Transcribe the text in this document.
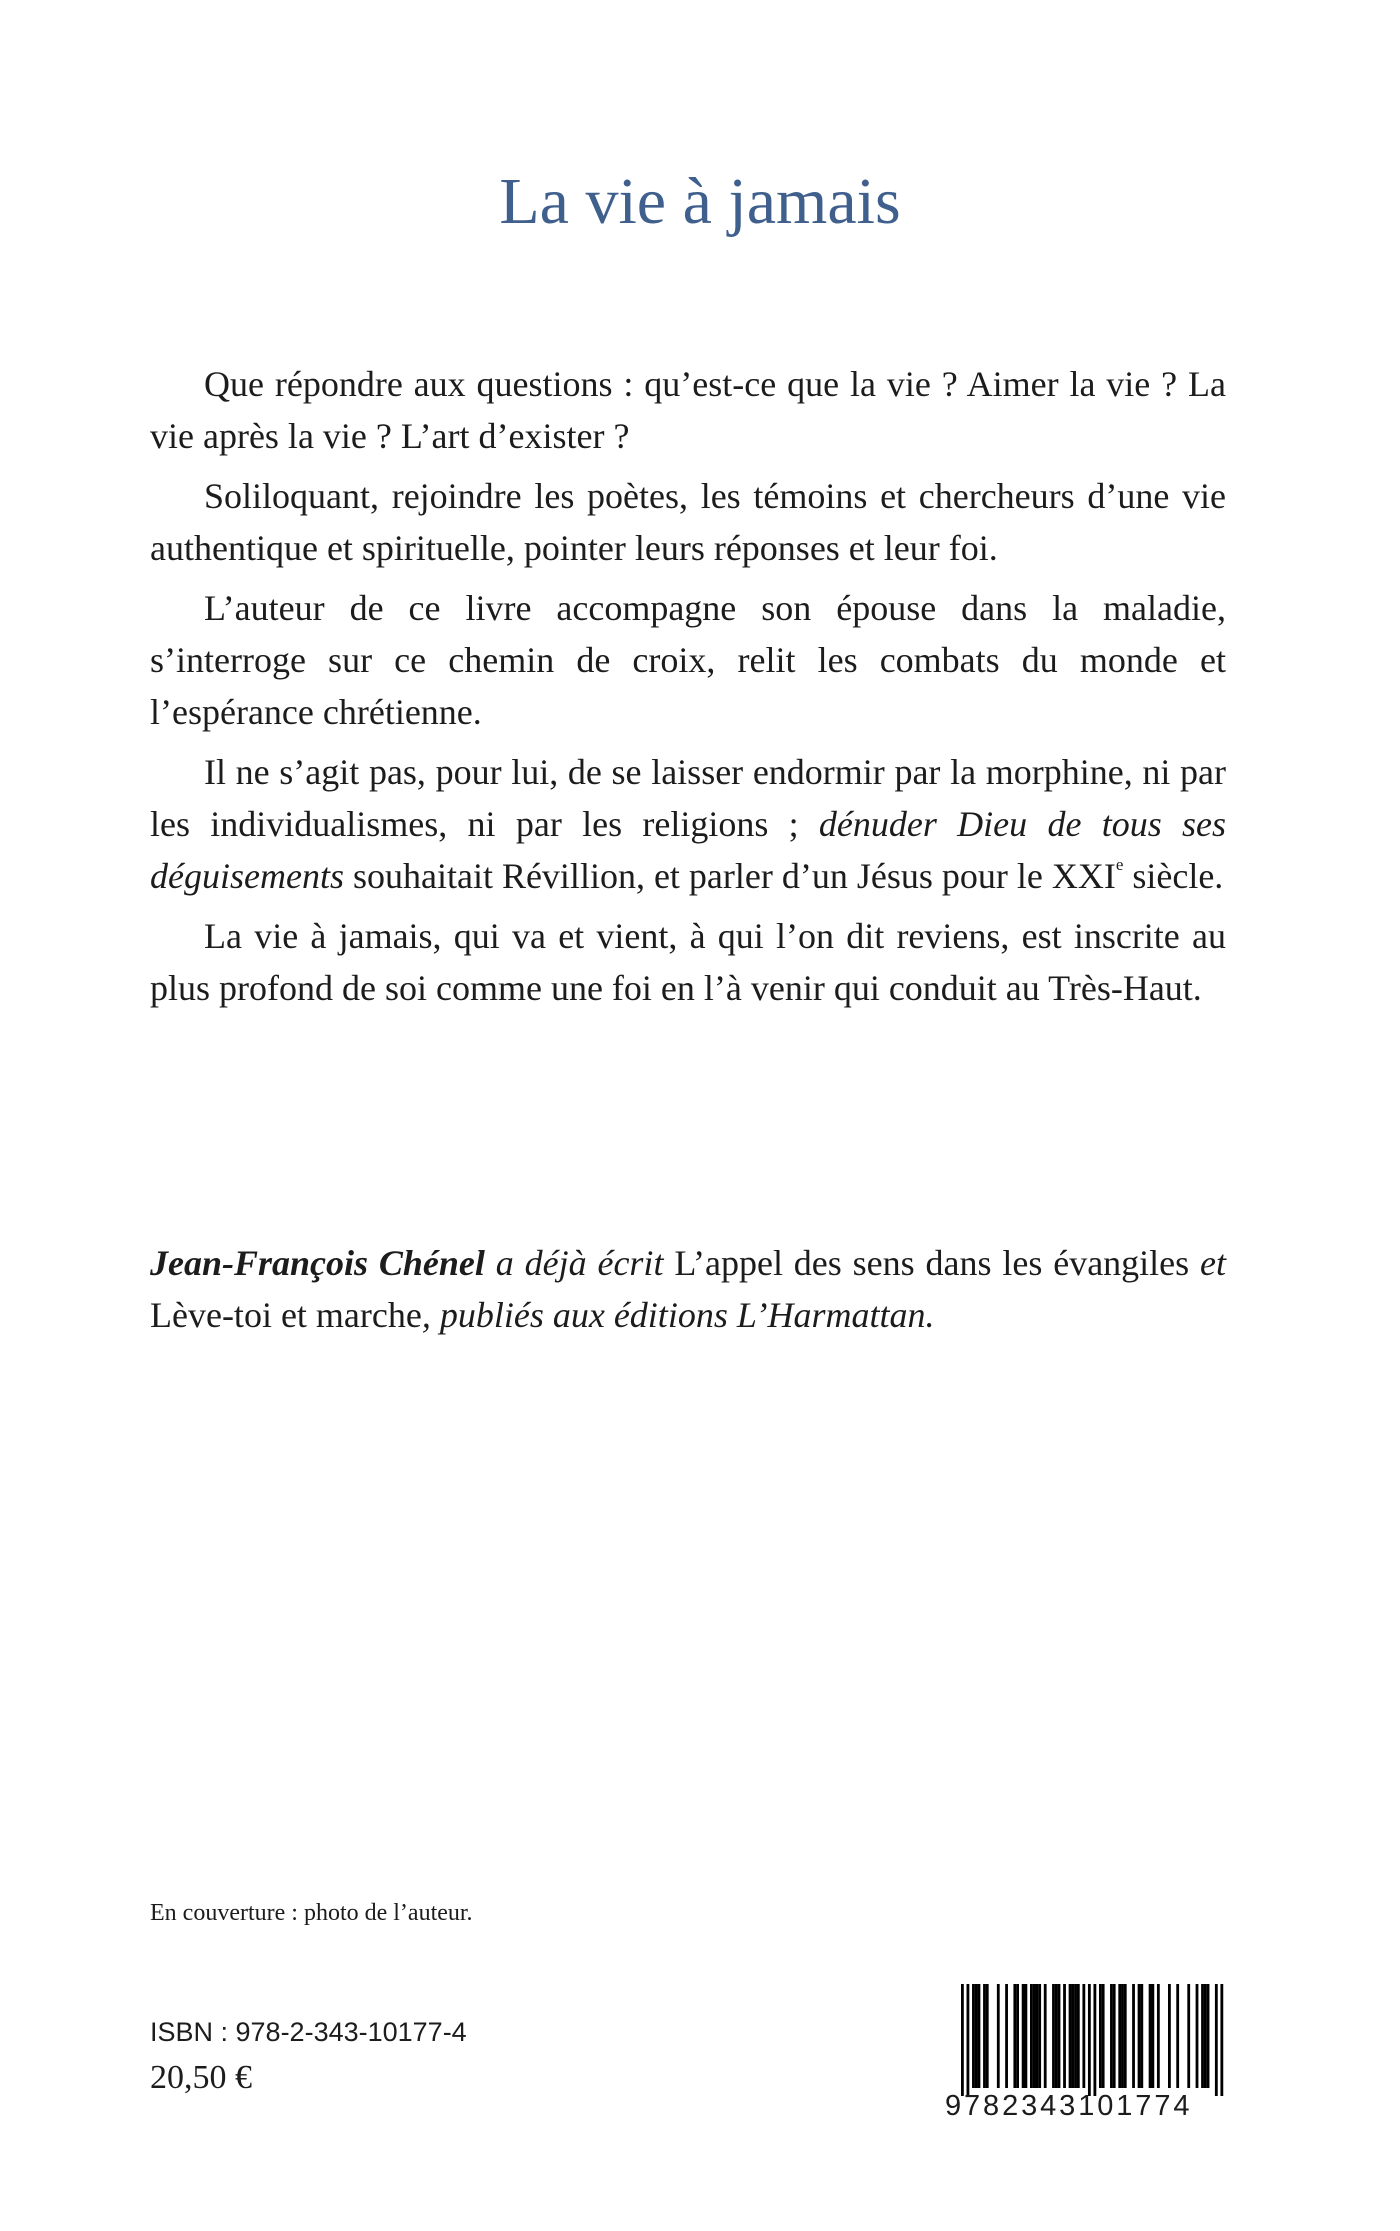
La vie à jamais

Que répondre aux questions : qu’est-ce que la vie ? Aimer la vie ? La vie après la vie ? L’art d’exister ?

Soliloquant, rejoindre les poètes, les témoins et chercheurs d’une vie authentique et spirituelle, pointer leurs réponses et leur foi.

L’auteur de ce livre accompagne son épouse dans la maladie, s’interroge sur ce chemin de croix, relit les combats du monde et l’espérance chrétienne.

Il ne s’agit pas, pour lui, de se laisser endormir par la morphine, ni par les individualismes, ni par les religions ; dénuder Dieu de tous ses déguisements souhaitait Révillion, et parler d’un Jésus pour le XXIe siècle.

La vie à jamais, qui va et vient, à qui l’on dit reviens, est inscrite au plus profond de soi comme une foi en l’à venir qui conduit au Très-Haut.

Jean-François Chénel a déjà écrit L’appel des sens dans les évangiles et Lève-toi et marche, publiés aux éditions L’Harmattan.

En couverture : photo de l’auteur.

ISBN : 978-2-343-10177-4

20,50 €

9782343101774
